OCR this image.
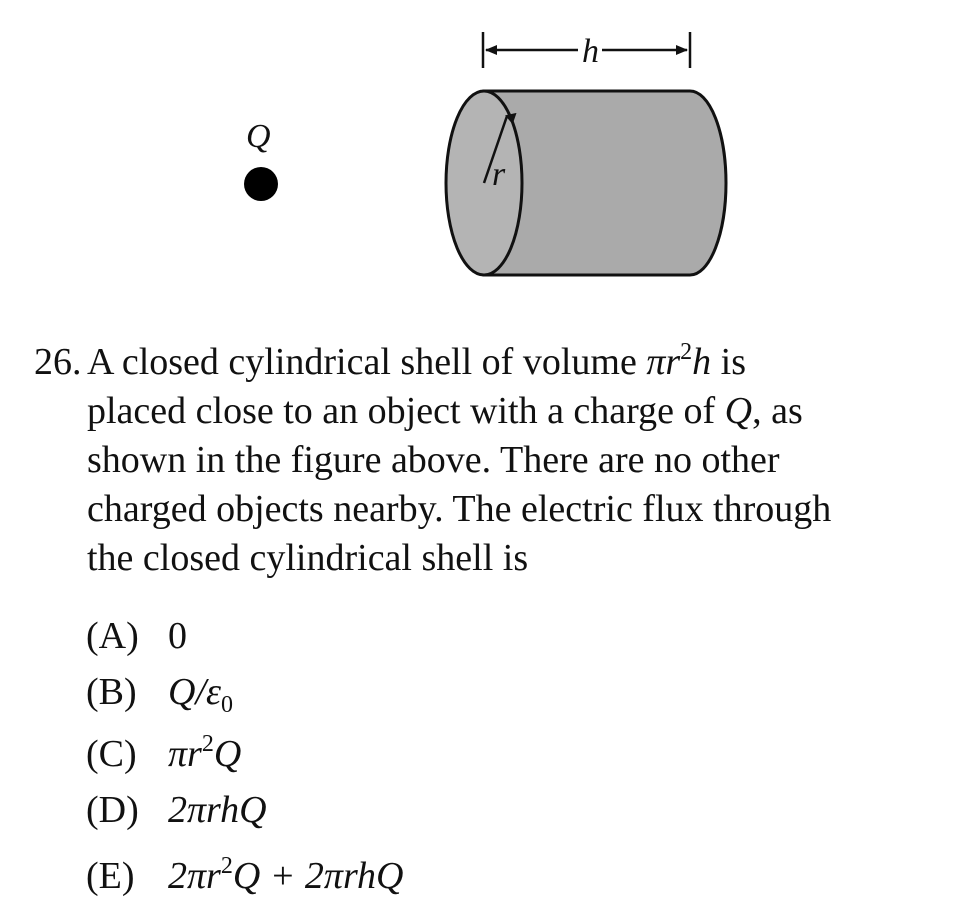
h
Q
r
26. A closed cylindrical shell of volume $\pi r^2h$ is
placed close to an object with a charge of Q, as
shown in the figure above. There are no other
charged objects nearby. The electric flux through
the closed cylindrical shell is
(A) 0
(B) $Q/\varepsilon_0$
(C) $\pi r^2Q$
(D) 2πrhQ
(E) $2\pi r^2Q + 2\pi rhQ$
